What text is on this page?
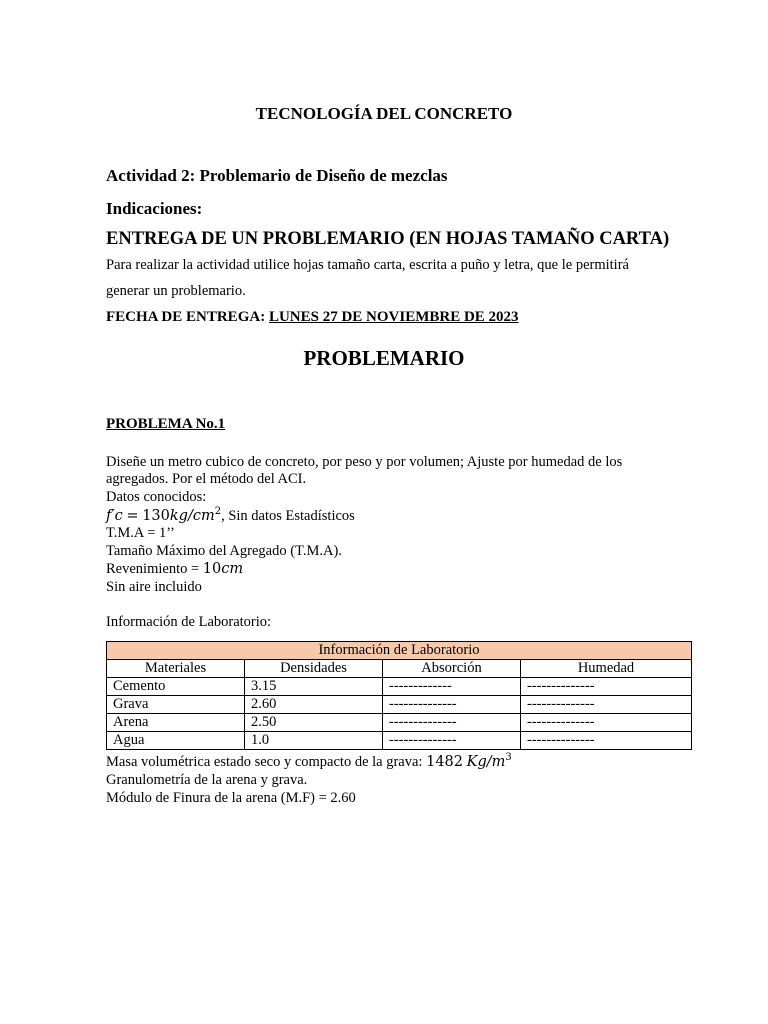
TECNOLOGÍA DEL CONCRETO
Actividad 2: Problemario de Diseño de mezclas
Indicaciones:
ENTREGA DE UN PROBLEMARIO (EN HOJAS TAMAÑO CARTA)
Para realizar la actividad utilice hojas tamaño carta, escrita a puño y letra, que le permitirá
generar un problemario.
FECHA DE ENTREGA: LUNES 27 DE NOVIEMBRE DE 2023
PROBLEMARIO
PROBLEMA No.1
Diseñe un metro cubico de concreto, por peso y por volumen; Ajuste por humedad de los
agregados. Por el método del ACI.
Datos conocidos:
$f'c = 130kg/cm^2$, Sin datos Estadísticos
T.M.A = 1’’
Tamaño Máximo del Agregado (T.M.A).
Revenimiento = 10cm
Sin aire incluido
Información de Laboratorio:
Información de Laboratorio			
Materiales	Densidades	Absorción	Humedad
Cemento	3.15	-------------	--------------
Grava	2.60	--------------	--------------
Arena	2.50	--------------	--------------
Agua	1.0	--------------	--------------
Masa volumétrica estado seco y compacto de la grava: 1482 $Kg/m^3$
Granulometría de la arena y grava.
Módulo de Finura de la arena (M.F) = 2.60
